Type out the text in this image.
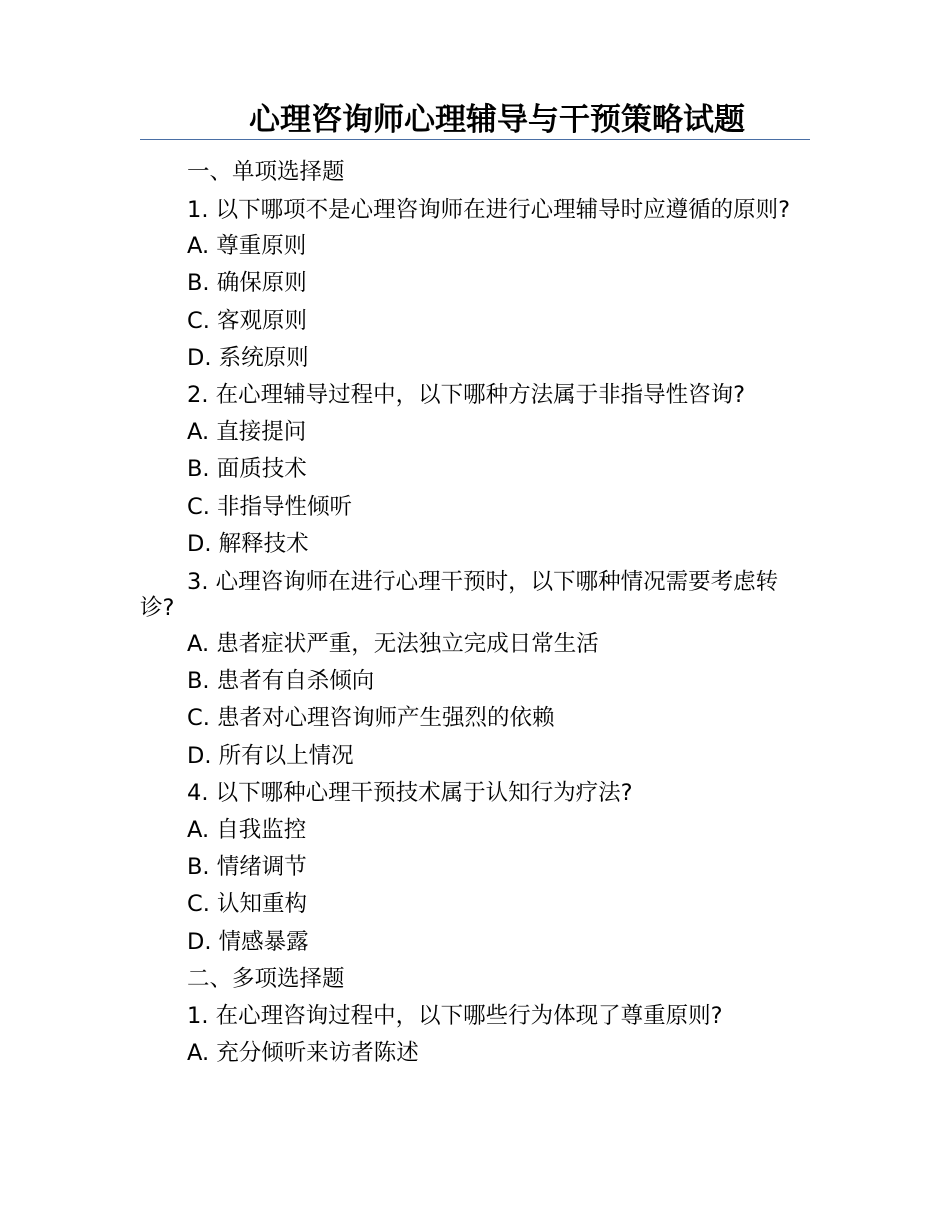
心理咨询师心理辅导与干预策略试题
一、单项选择题
1. 以下哪项不是心理咨询师在进行心理辅导时应遵循的原则?
A. 尊重原则
B. 确保原则
C. 客观原则
D. 系统原则
2. 在心理辅导过程中，以下哪种方法属于非指导性咨询?
A. 直接提问
B. 面质技术
C. 非指导性倾听
D. 解释技术
3. 心理咨询师在进行心理干预时，以下哪种情况需要考虑转诊?
A. 患者症状严重，无法独立完成日常生活
B. 患者有自杀倾向
C. 患者对心理咨询师产生强烈的依赖
D. 所有以上情况
4. 以下哪种心理干预技术属于认知行为疗法?
A. 自我监控
B. 情绪调节
C. 认知重构
D. 情感暴露
二、多项选择题
1. 在心理咨询过程中，以下哪些行为体现了尊重原则?
A. 充分倾听来访者陈述
